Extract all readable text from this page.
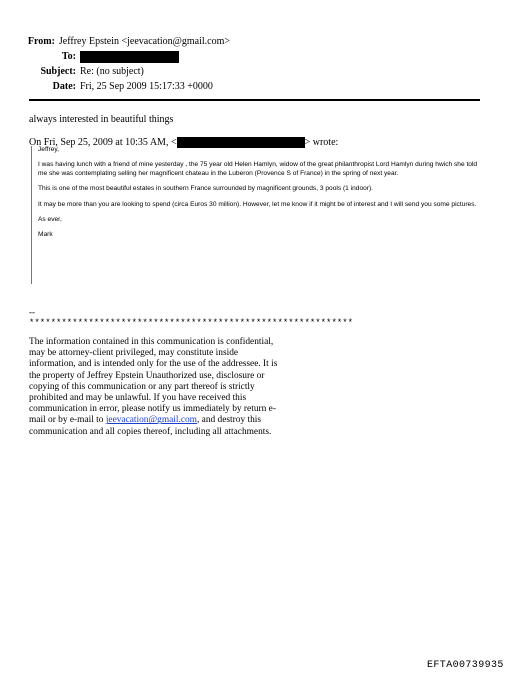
From: Jeffrey Epstein <jeevacation@gmail.com>
To:
Subject: Re: (no subject)
Date: Fri, 25 Sep 2009 15:17:33 +0000
always interested in beautiful things
On Fri, Sep 25, 2009 at 10:35 AM, <	> wrote:

Jeffrey,

I was having lunch with a friend of mine yesterday , the 75 year old Helen Hamlyn, widow of the great philanthropist Lord Hamlyn during hwich she told me she was contemplating selling her magnificent chateau in the Luberon (Provence S of France) in the spring of next year.

This is one of the most beautiful estates in southern France surrounded by magnificent grounds, 3 pools (1 indoor).

It may be more than you are looking to spend (circa Euros 30 million). However, let me know if it might be of interest and I will send you some pictures.

As ever,

Mark

--
************************************************************
The information contained in this communication is confidential, may be attorney-client privileged, may constitute inside information, and is intended only for the use of the addressee. It is the property of Jeffrey Epstein Unauthorized use, disclosure or copying of this communication or any part thereof is strictly prohibited and may be unlawful. If you have received this communication in error, please notify us immediately by return e-mail or by e-mail to jeevacation@gmail.com, and destroy this communication and all copies thereof, including all attachments.
EFTA00739935
